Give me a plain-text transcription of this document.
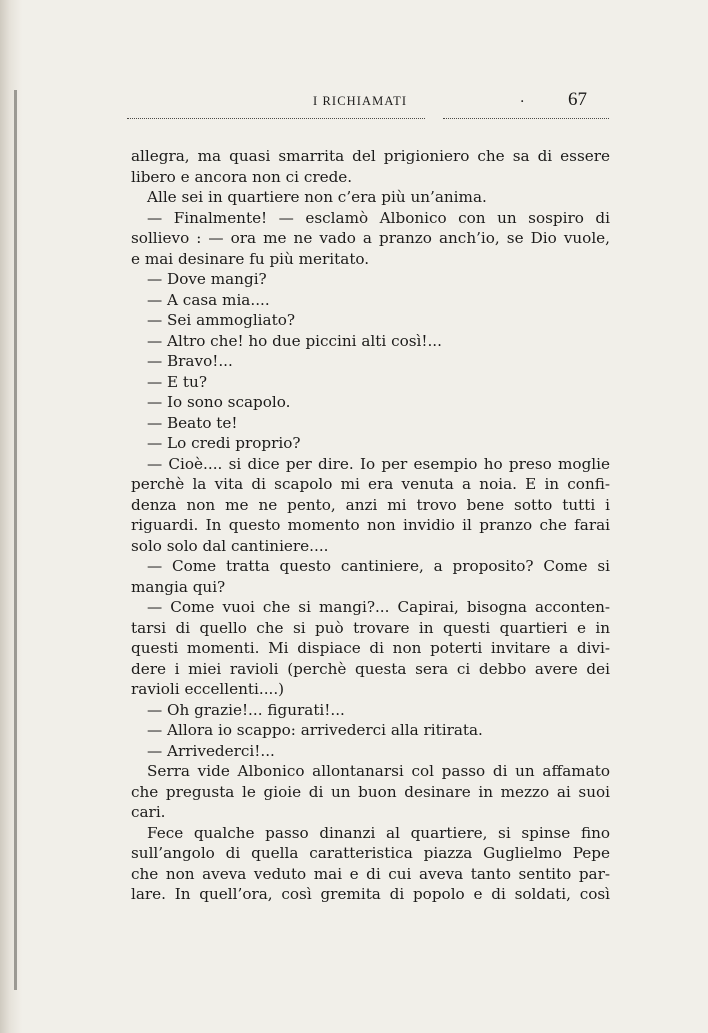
I RICHIAMATI	· 67
allegra, ma quasi smarrita del prigioniero che sa di essere
libero e ancora non ci crede.
Alle sei in quartiere non c’era più un’anima.
— Finalmente! — esclamò Albonico con un sospiro di
sollievo : — ora me ne vado a pranzo anch’io, se Dio vuole,
e mai desinare fu più meritato.
— Dove mangi?
— A casa mia....
— Sei ammogliato?
— Altro che! ho due piccini alti così!...
— Bravo!...
— E tu?
— Io sono scapolo.
— Beato te!
— Lo credi proprio?
— Cioè.... si dice per dire. Io per esempio ho preso moglie
perchè la vita di scapolo mi era venuta a noia. E in confi-
denza non me ne pento, anzi mi trovo bene sotto tutti i
riguardi. In questo momento non invidio il pranzo che farai
solo solo dal cantiniere....
— Come tratta questo cantiniere, a proposito? Come si
mangia qui?
— Come vuoi che si mangi?... Capirai, bisogna acconten-
tarsi di quello che si può trovare in questi quartieri e in
questi momenti. Mi dispiace di non poterti invitare a divi-
dere i miei ravioli (perchè questa sera ci debbo avere dei
ravioli eccellenti....)
— Oh grazie!... figurati!...
— Allora io scappo: arrivederci alla ritirata.
— Arrivederci!...
Serra vide Albonico allontanarsi col passo di un affamato
che pregusta le gioie di un buon desinare in mezzo ai suoi
cari.
Fece qualche passo dinanzi al quartiere, si spinse fino
sull’angolo di quella caratteristica piazza Guglielmo Pepe
che non aveva veduto mai e di cui aveva tanto sentito par-
lare. In quell’ora, così gremita di popolo e di soldati, così
